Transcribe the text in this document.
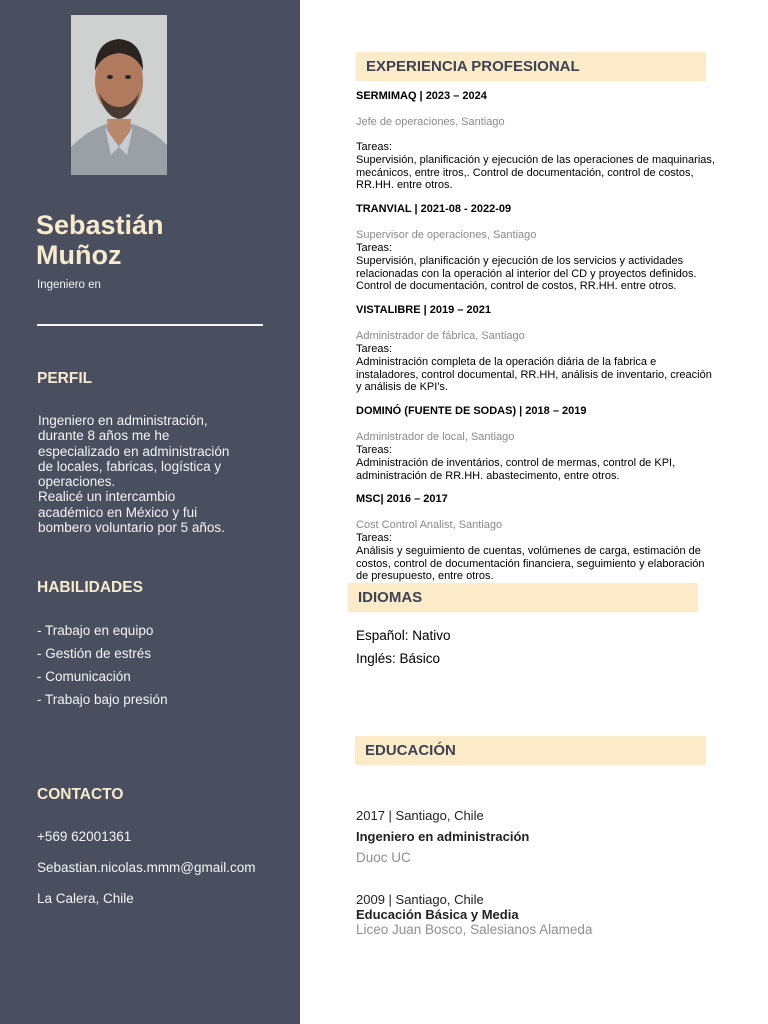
Sebastián
Muñoz
Ingeniero en
PERFIL

Ingeniero en administración,

durante 8 años me he

especializado en administración

de locales, fabricas, logística y

operaciones.

Realicé un intercambio

académico en México y fui

bombero voluntario por 5 años.

HABILIDADES
- Trabajo en equipo
- Gestión de estrés
- Comunicación
- Trabajo bajo presión
CONTACTO
+569 62001361
Sebastian.nicolas.mmm@gmail.com
La Calera, Chile
EXPERIENCIA PROFESIONAL
SERMIMAQ | 2023 – 2024
Jefe de operaciones, Santiago
Tareas:
Supervisión, planificación y ejecución de las operaciones de maquinarias,
mecánicos, entre itros,. Control de documentación, control de costos,
RR.HH. entre otros.
TRANVIAL | 2021-08 - 2022-09
Supervisor de operaciones, Santiago
Tareas:
Supervisión, planificación y ejecución de los servicios y actividades
relacionadas con la operación al interior del CD y proyectos definidos.
Control de documentación, control de costos, RR.HH. entre otros.
VISTALIBRE | 2019 – 2021
Administrador de fábrica, Santiago
Tareas:
Administración completa de la operación diária de la fabrica e
instaladores, control documental, RR.HH, análisis de inventario, creación
y análisis de KPI's.
DOMINÓ (FUENTE DE SODAS) | 2018 – 2019
Administrador de local, Santiago
Tareas:
Administración de inventários, control de mermas, control de KPI,
administración de RR.HH. abastecimento, entre otros.
MSC| 2016 – 2017
Cost Control Analist, Santiago
Tareas:
Análisis y seguimiento de cuentas, volúmenes de carga, estimación de
costos, control de documentación financiera, seguimiento y elaboración
de presupuesto, entre otros.
IDIOMAS
Español: Nativo
Inglés: Básico
EDUCACIÓN
2017 | Santiago, Chile
Ingeniero en administración
Duoc UC
2009 | Santiago, Chile
Educación Básica y Media
Liceo Juan Bosco, Salesianos Alameda
